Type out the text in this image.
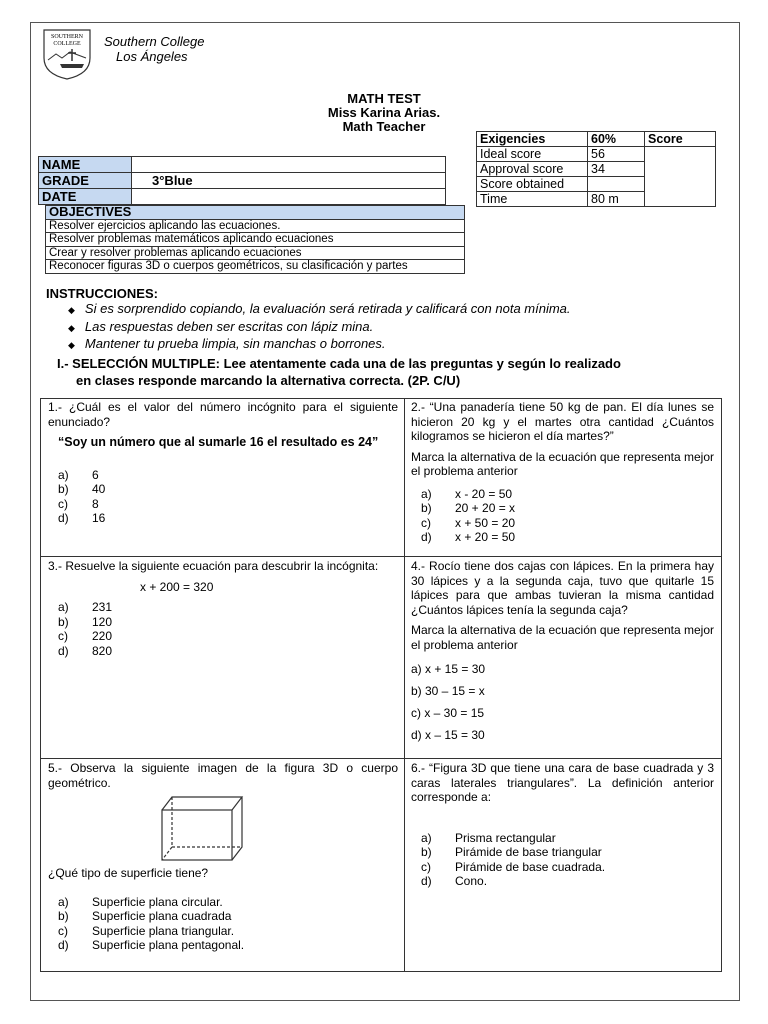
SOUTHERN
COLLEGE Southern College
Los Ángeles
MATH TEST
Miss Karina Arias.
Math Teacher
Exigencies	60%	Score
Ideal score	56	
Approval score	34	
Score obtained		
Time	80 m	
NAME	
GRADE	3°Blue
DATE	
OBJECTIVES
Resolver ejercicios aplicando las ecuaciones.
Resolver problemas matemáticos aplicando ecuaciones
Crear y resolver problemas aplicando ecuaciones
Reconocer figuras 3D o cuerpos geométricos, su clasificación y partes
INSTRUCCIONES:
◆ Si es sorprendido copiando, la evaluación será retirada y calificará con nota mínima.
◆ Las respuestas deben ser escritas con lápiz mina.
◆ Mantener tu prueba limpia, sin manchas o borrones.
I.- SELECCIÓN MULTIPLE: Lee atentamente cada una de las preguntas y según lo realizado
en clases responde marcando la alternativa correcta. (2P. C/U)

1.- ¿Cuál es el valor del número incógnito para el siguiente enunciado?

“Soy un número que al sumarle 16 el resultado es 24”

a)	6
b)	40
c)	8
d)	16

2.- “Una panadería tiene 50 kg de pan. El día lunes se hicieron 20 kg y el martes otra cantidad ¿Cuántos kilogramos se hicieron el día martes?”

Marca la alternativa de la ecuación que representa mejor el problema anterior

a)	x - 20 = 50
b)	20 + 20 = x
c)	x + 50 = 20
d)	x + 20 = 50

3.- Resuelve la siguiente ecuación para descubrir la incógnita:

x + 200 = 320

a)	231
b)	120
c)	220
d)	820

4.- Rocío tiene dos cajas con lápices. En la primera hay 30 lápices y a la segunda caja, tuvo que quitarle 15 lápices para que ambas tuvieran la misma cantidad ¿Cuántos lápices tenía la segunda caja?

Marca la alternativa de la ecuación que representa mejor el problema anterior

a) x + 15 = 30
b) 30 – 15 = x
c) x – 30 = 15
d) x – 15 = 30

5.- Observa la siguiente imagen de la figura 3D o cuerpo geométrico.

¿Qué tipo de superficie tiene?

a)	Superficie plana circular.
b)	Superficie plana cuadrada
c)	Superficie plana triangular.
d)	Superficie plana pentagonal.

6.- “Figura 3D que tiene una cara de base cuadrada y 3 caras laterales triangulares”. La definición anterior corresponde a:

a)	Prisma rectangular
b)	Pirámide de base triangular
c)	Pirámide de base cuadrada.
d)	Cono.
